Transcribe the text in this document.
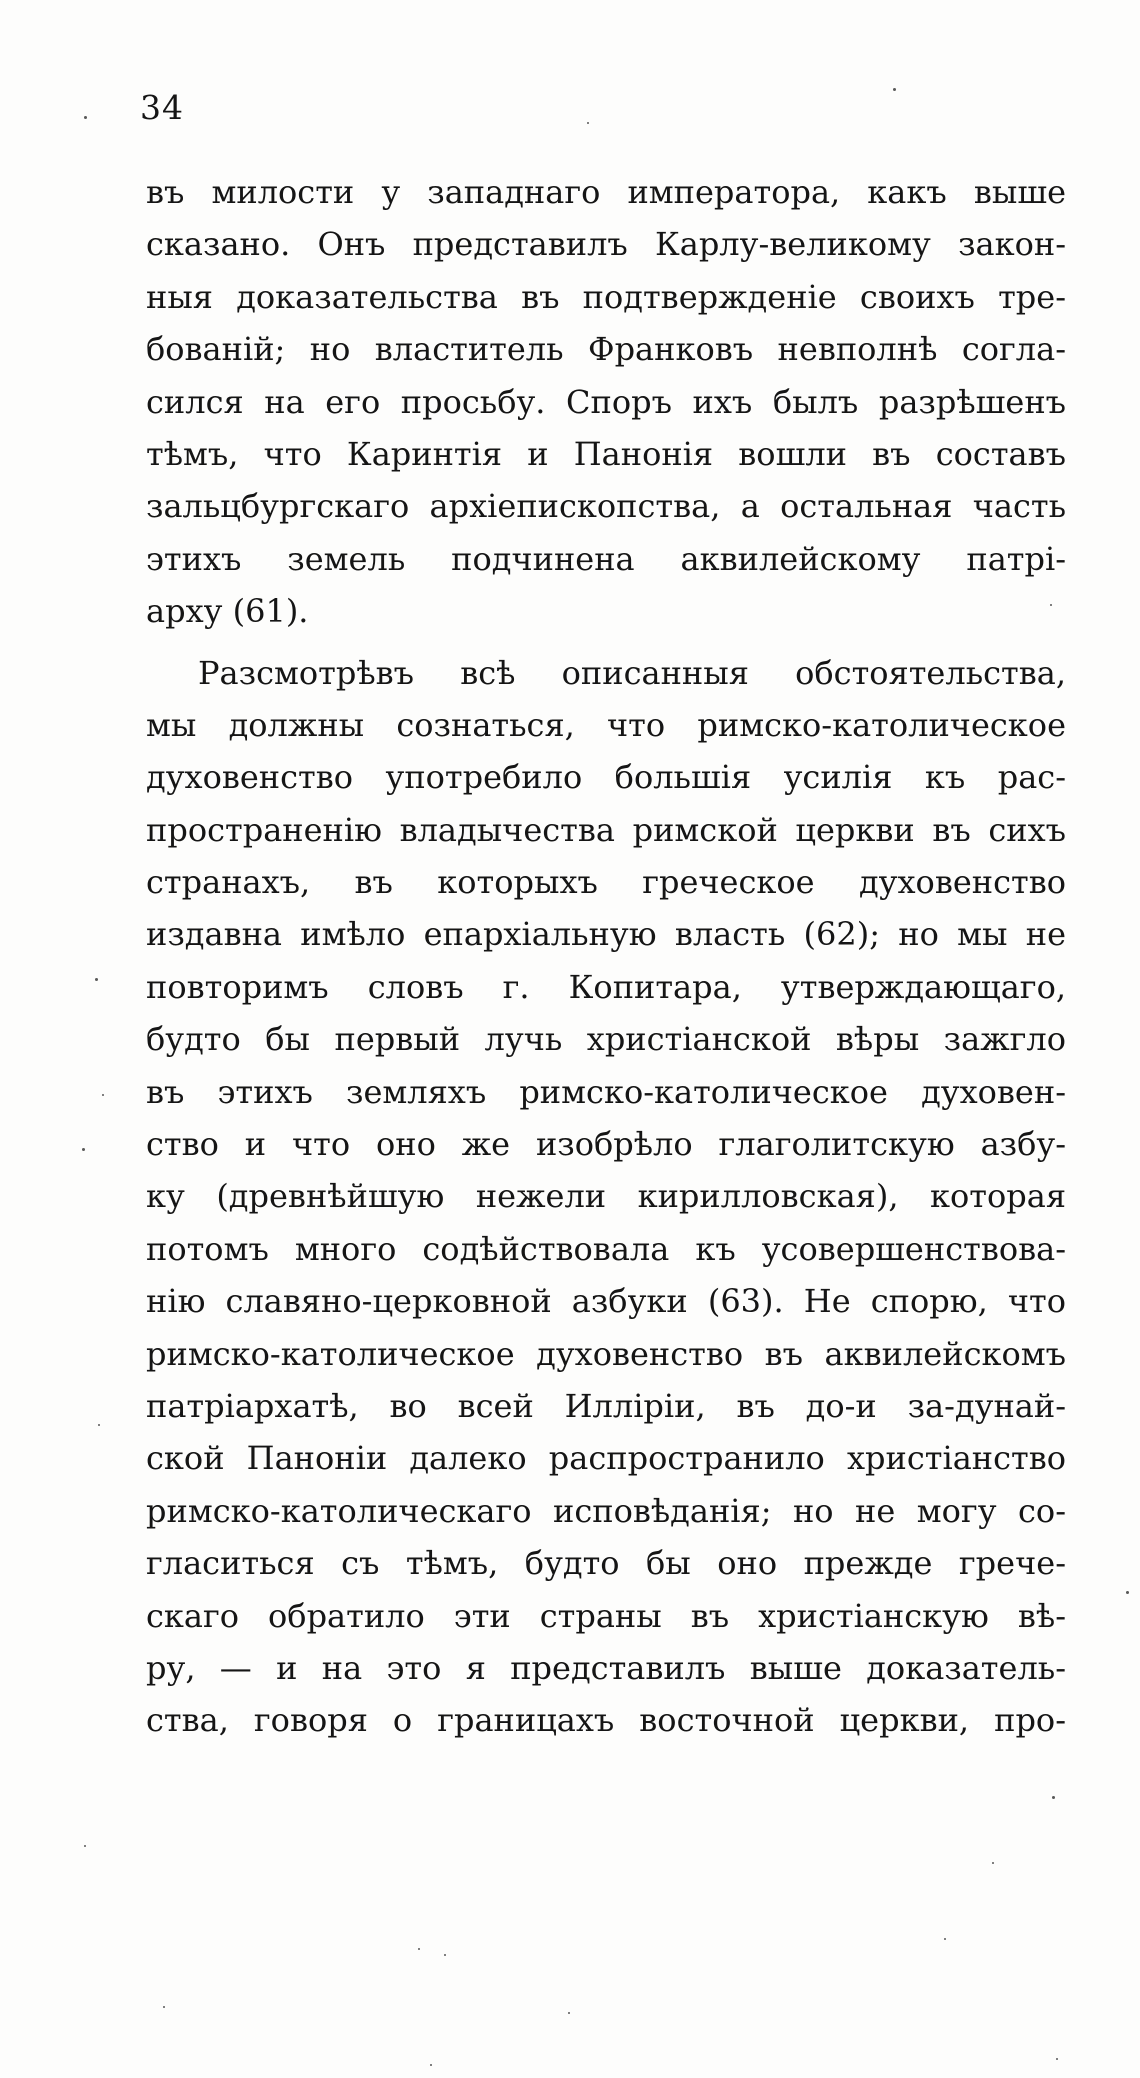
34
въ милости у западнаго императора, какъ выше
сказано. Онъ представилъ Карлу-великому закон-
ныя доказательства въ подтвержденіе своихъ тре-
бованій; но властитель Франковъ невполнѣ согла-
сился на его просьбу. Споръ ихъ былъ разрѣшенъ
тѣмъ, что Каринтія и Панонія вошли въ составъ
зальцбургскаго архіепископства, а остальная часть
этихъ земель подчинена аквилейскому патрі-
арху (61).
Разсмотрѣвъ всѣ описанныя обстоятельства,
мы должны сознаться, что римско-католическое
духовенство употребило большія усилія къ рас-
пространенію владычества римской церкви въ сихъ
странахъ, въ которыхъ греческое духовенство
издавна имѣло епархіальную власть (62); но мы не
повторимъ словъ г. Копитара, утверждающаго,
будто бы первый лучь христіанской вѣры зажгло
въ этихъ земляхъ римско-католическое духовен-
ство и что оно же изобрѣло глаголитскую азбу-
ку (древнѣйшую нежели кирилловская), которая
потомъ много содѣйствовала къ усовершенствова-
нію славяно-церковной азбуки (63). Не спорю, что
римско-католическое духовенство въ аквилейскомъ
патріархатѣ, во всей Илліріи, въ до-и за-дунай-
ской Паноніи далеко распространило христіанство
римско-католическаго исповѣданія; но не могу со-
гласиться съ тѣмъ, будто бы оно прежде грече-
скаго обратило эти страны въ христіанскую вѣ-
ру, — и на это я представилъ выше доказатель-
ства, говоря о границахъ восточной церкви, про-
